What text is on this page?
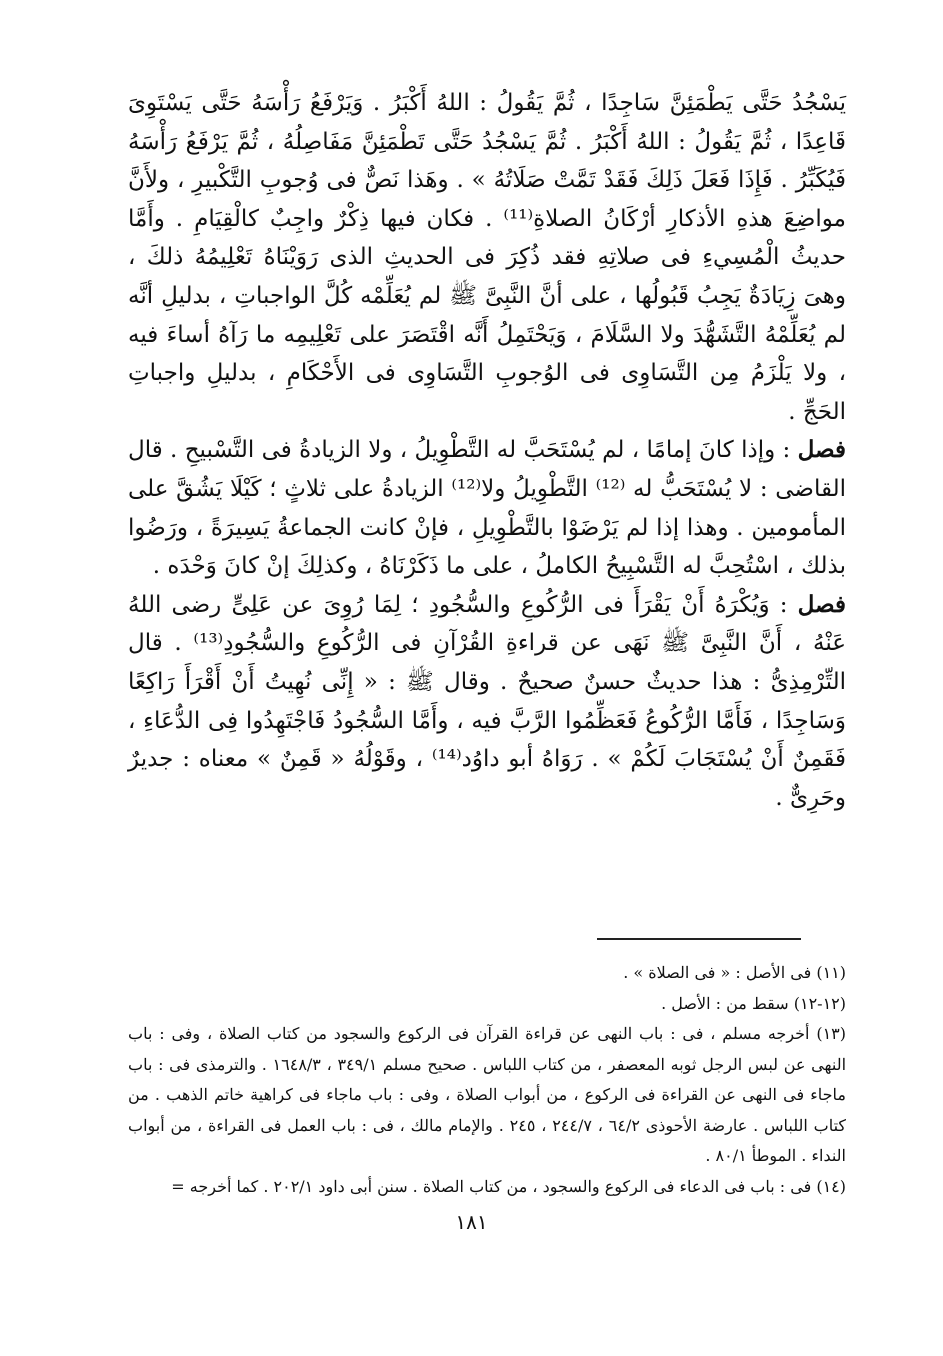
يَسْجُدُ حَتَّى يَطْمَئِنَّ سَاجِدًا ، ثُمَّ يَقُولُ : اللهُ أَكْبَرُ . وَيَرْفَعُ رَأْسَهُ حَتَّى يَسْتَوِىَ قَاعِدًا ، ثُمَّ يَقُولُ : اللهُ أَكْبَرُ . ثُمَّ يَسْجُدُ حَتَّى تَطْمَئِنَّ مَفَاصِلُهُ ، ثُمَّ يَرْفَعُ رَأْسَهُ فَيُكَبِّرُ . فَإِذَا فَعَلَ ذَلِكَ فَقَدْ تَمَّتْ صَلَاتُهُ » . وهَذا نَصٌّ فى وُجوبِ التَّكْبيرِ ، ولأَنَّ مواضِعَ هذهِ الأذكارِ أرْكَانُ الصلاةِ⁽¹¹⁾ . فكان فيها ذِكْرٌ واجِبٌ كالْقِيَامِ . وأَمَّا حديثُ الْمُسِيءِ فى صلاتِهِ فقد ذُكِرَ فى الحديثِ الذى رَوَيْنَاهُ تَعْلِيمُهُ ذلكَ ، وهىَ زِيَادَةٌ يَجِبُ قَبُولُها ، على أنَّ النَّبِىَّ ﷺ لم يُعَلِّمْه كُلَّ الواجباتِ ، بدليلِ أنَّه لم يُعَلِّمْهُ التَّشَهُّدَ ولا السَّلَامَ ، وَيَحْتَمِلُ أَنَّه اقْتَصَرَ على تَعْلِيمِه ما رَآهُ أساءَ فيه ، ولا يَلْزَمُ مِن التَّسَاوِى فى الوُجوبِ التَّسَاوِى فى الأَحْكَامِ ، بدليلِ واجباتِ الحَجِّ .

فصل : وإذا كانَ إمامًا ، لم يُسْتَحَبَّ له التَّطْوِيلُ ، ولا الزيادةُ فى التَّسْبيحِ . قال القاضى : لا يُسْتَحَبُّ له ⁽¹²⁾ التَّطْوِيلُ ولا⁽¹²⁾ الزيادةُ على ثلاثٍ ؛ كَيْلَا يَشُقَّ على المأمومين . وهذا إذا لم يَرْضَوْا بالتَّطْوِيلِ ، فإنْ كانت الجماعةُ يَسِيرَةً ، ورَضُوا بذلك ، اسْتُحِبَّ له التَّسْبِيحُ الكاملُ ، على ما ذَكَرْنَاهُ ، وكذلِكَ إنْ كانَ وَحْدَه .

فصل : وَيُكْرَهُ أَنْ يَقْرَأَ فى الرُّكُوعِ والسُّجُودِ ؛ لِمَا رُوِىَ عن عَلِىٍّ رضى اللهُ عَنْهُ ، أَنَّ النَّبِىَّ ﷺ نَهَى عن قراءةِ القُرْآنِ فى الرُّكُوعِ والسُّجُودِ⁽¹³⁾ . قال التِّرْمِذِىُّ : هذا حديثٌ حسنٌ صحيحٌ . وقال ﷺ : « إِنِّى نُهِيتُ أَنْ أَقْرَأَ رَاكِعًا وَسَاجِدًا ، فَأَمَّا الرُّكُوعُ فَعَظِّمُوا الرَّبَّ فيه ، وأَمَّا السُّجُودُ فَاجْتَهِدُوا فِى الدُّعَاءِ ، فَقَمِنٌ أَنْ يُسْتَجَابَ لَكُمْ » . رَوَاهُ أبو داوُد⁽¹⁴⁾ ، وقَوْلُهُ « قَمِنٌ » معناه : جديرٌ وحَرِىٌّ .

(١١) فى الأصل : « فى الصلاة » .

(١٢-١٢) سقط من : الأصل .

(١٣) أخرجه مسلم ، فى : باب النهى عن قراءة القرآن فى الركوع والسجود من كتاب الصلاة ، وفى : باب النهى عن لبس الرجل ثوبه المعصفر ، من كتاب اللباس . صحيح مسلم ٣٤٩/١ ، ١٦٤٨/٣ . والترمذى فى : باب ماجاء فى النهى عن القراءة فى الركوع ، من أبواب الصلاة ، وفى : باب ماجاء فى كراهية خاتم الذهب . من كتاب اللباس . عارضة الأحوذى ٦٤/٢ ، ٢٤٤/٧ ، ٢٤٥ . والإمام مالك ، فى : باب العمل فى القراءة ، من أبواب النداء . الموطأ ٨٠/١ .

(١٤) فى : باب فى الدعاء فى الركوع والسجود ، من كتاب الصلاة . سنن أبى داود ٢٠٢/١ . كما أخرجه =

١٨١
